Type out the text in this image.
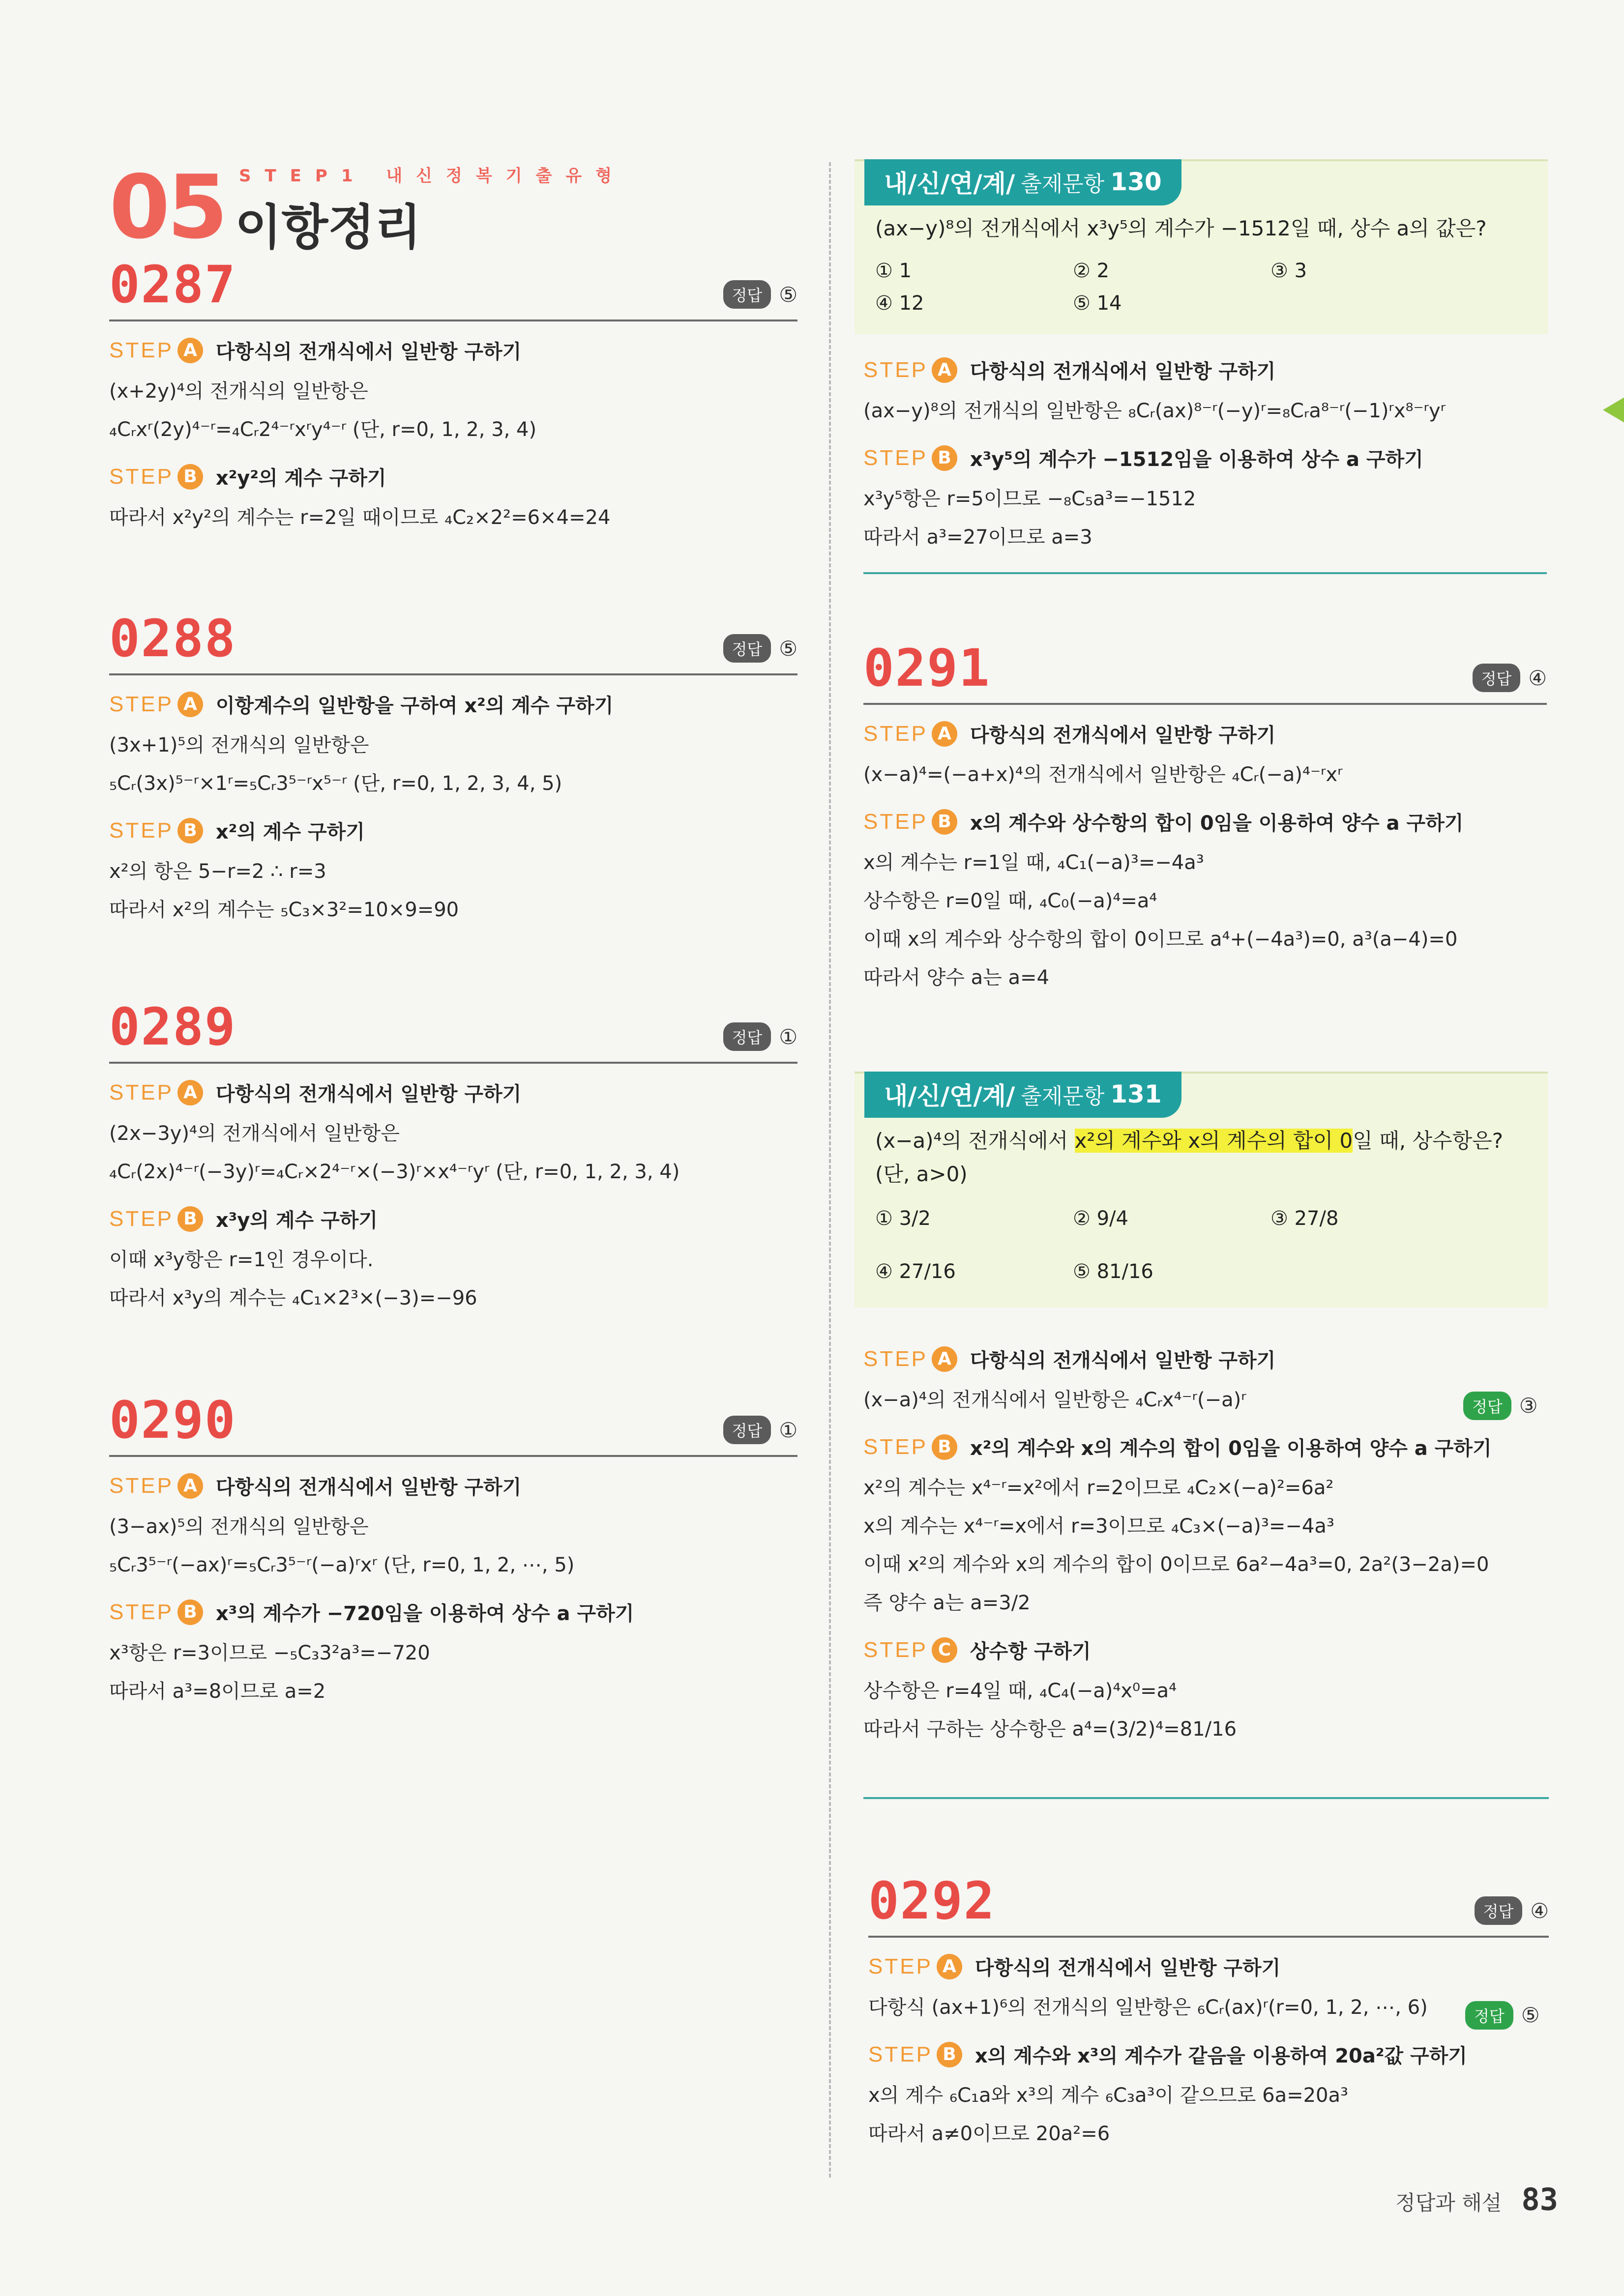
05 STEP1 내신정복기출유형
이항정리
0287	정답 ⑤
STEP A 다항식의 전개식에서 일반항 구하기
(x+2y)⁴의 전개식의 일반항은
₄Cᵣxʳ(2y)⁴⁻ʳ=₄Cᵣ2⁴⁻ʳxʳy⁴⁻ʳ (단, r=0, 1, 2, 3, 4)
STEP B x²y²의 계수 구하기
따라서 x²y²의 계수는 r=2일 때이므로 ₄C₂×2²=6×4=24
0288	정답 ⑤
STEP A 이항계수의 일반항을 구하여 x²의 계수 구하기
(3x+1)⁵의 전개식의 일반항은
₅Cᵣ(3x)⁵⁻ʳ×1ʳ=₅Cᵣ3⁵⁻ʳx⁵⁻ʳ (단, r=0, 1, 2, 3, 4, 5)
STEP B x²의 계수 구하기
x²의 항은 5−r=2 ∴ r=3
따라서 x²의 계수는 ₅C₃×3²=10×9=90
0289	정답 ①
STEP A 다항식의 전개식에서 일반항 구하기
(2x−3y)⁴의 전개식에서 일반항은
₄Cᵣ(2x)⁴⁻ʳ(−3y)ʳ=₄Cᵣ×2⁴⁻ʳ×(−3)ʳ×x⁴⁻ʳyʳ (단, r=0, 1, 2, 3, 4)
STEP B x³y의 계수 구하기
이때 x³y항은 r=1인 경우이다.
따라서 x³y의 계수는 ₄C₁×2³×(−3)=−96
0290	정답 ①
STEP A 다항식의 전개식에서 일반항 구하기
(3−ax)⁵의 전개식의 일반항은
₅Cᵣ3⁵⁻ʳ(−ax)ʳ=₅Cᵣ3⁵⁻ʳ(−a)ʳxʳ (단, r=0, 1, 2, ⋯, 5)
STEP B x³의 계수가 −720임을 이용하여 상수 a 구하기
x³항은 r=3이므로 −₅C₃3²a³=−720
따라서 a³=8이므로 a=2
내/신/연/계/ 출제문항 130
(ax−y)⁸의 전개식에서 x³y⁵의 계수가 −1512일 때, 상수 a의 값은?
① 1	② 2	③ 3
④ 12	⑤ 14
STEP A 다항식의 전개식에서 일반항 구하기
(ax−y)⁸의 전개식의 일반항은 ₈Cᵣ(ax)⁸⁻ʳ(−y)ʳ=₈Cᵣa⁸⁻ʳ(−1)ʳx⁸⁻ʳyʳ
STEP B x³y⁵의 계수가 −1512임을 이용하여 상수 a 구하기
x³y⁵항은 r=5이므로 −₈C₅a³=−1512
따라서 a³=27이므로 a=3
정답 ③
0291	정답 ④
STEP A 다항식의 전개식에서 일반항 구하기
(x−a)⁴=(−a+x)⁴의 전개식에서 일반항은 ₄Cᵣ(−a)⁴⁻ʳxʳ
STEP B x의 계수와 상수항의 합이 0임을 이용하여 양수 a 구하기
x의 계수는 r=1일 때, ₄C₁(−a)³=−4a³
상수항은 r=0일 때, ₄C₀(−a)⁴=a⁴
이때 x의 계수와 상수항의 합이 0이므로 a⁴+(−4a³)=0, a³(a−4)=0
따라서 양수 a는 a=4
내/신/연/계/ 출제문항 131
(x−a)⁴의 전개식에서 x²의 계수와 x의 계수의 합이 0일 때, 상수항은?
(단, a>0)
① 3/2	② 9/4	③ 27/8
④ 27/16	⑤ 81/16
STEP A 다항식의 전개식에서 일반항 구하기
(x−a)⁴의 전개식에서 일반항은 ₄Cᵣx⁴⁻ʳ(−a)ʳ
STEP B x²의 계수와 x의 계수의 합이 0임을 이용하여 양수 a 구하기
x²의 계수는 x⁴⁻ʳ=x²에서 r=2이므로 ₄C₂×(−a)²=6a²
x의 계수는 x⁴⁻ʳ=x에서 r=3이므로 ₄C₃×(−a)³=−4a³
이때 x²의 계수와 x의 계수의 합이 0이므로 6a²−4a³=0, 2a²(3−2a)=0
즉 양수 a는 a=3/2
STEP C 상수항 구하기
상수항은 r=4일 때, ₄C₄(−a)⁴x⁰=a⁴
따라서 구하는 상수항은 a⁴=(3/2)⁴=81/16
정답 ⑤
0292	정답 ④
STEP A 다항식의 전개식에서 일반항 구하기
다항식 (ax+1)⁶의 전개식의 일반항은 ₆Cᵣ(ax)ʳ(r=0, 1, 2, ⋯, 6)
STEP B x의 계수와 x³의 계수가 같음을 이용하여 20a²값 구하기
x의 계수 ₆C₁a와 x³의 계수 ₆C₃a³이 같으므로 6a=20a³
따라서 a≠0이므로 20a²=6
정답과 해설 83
